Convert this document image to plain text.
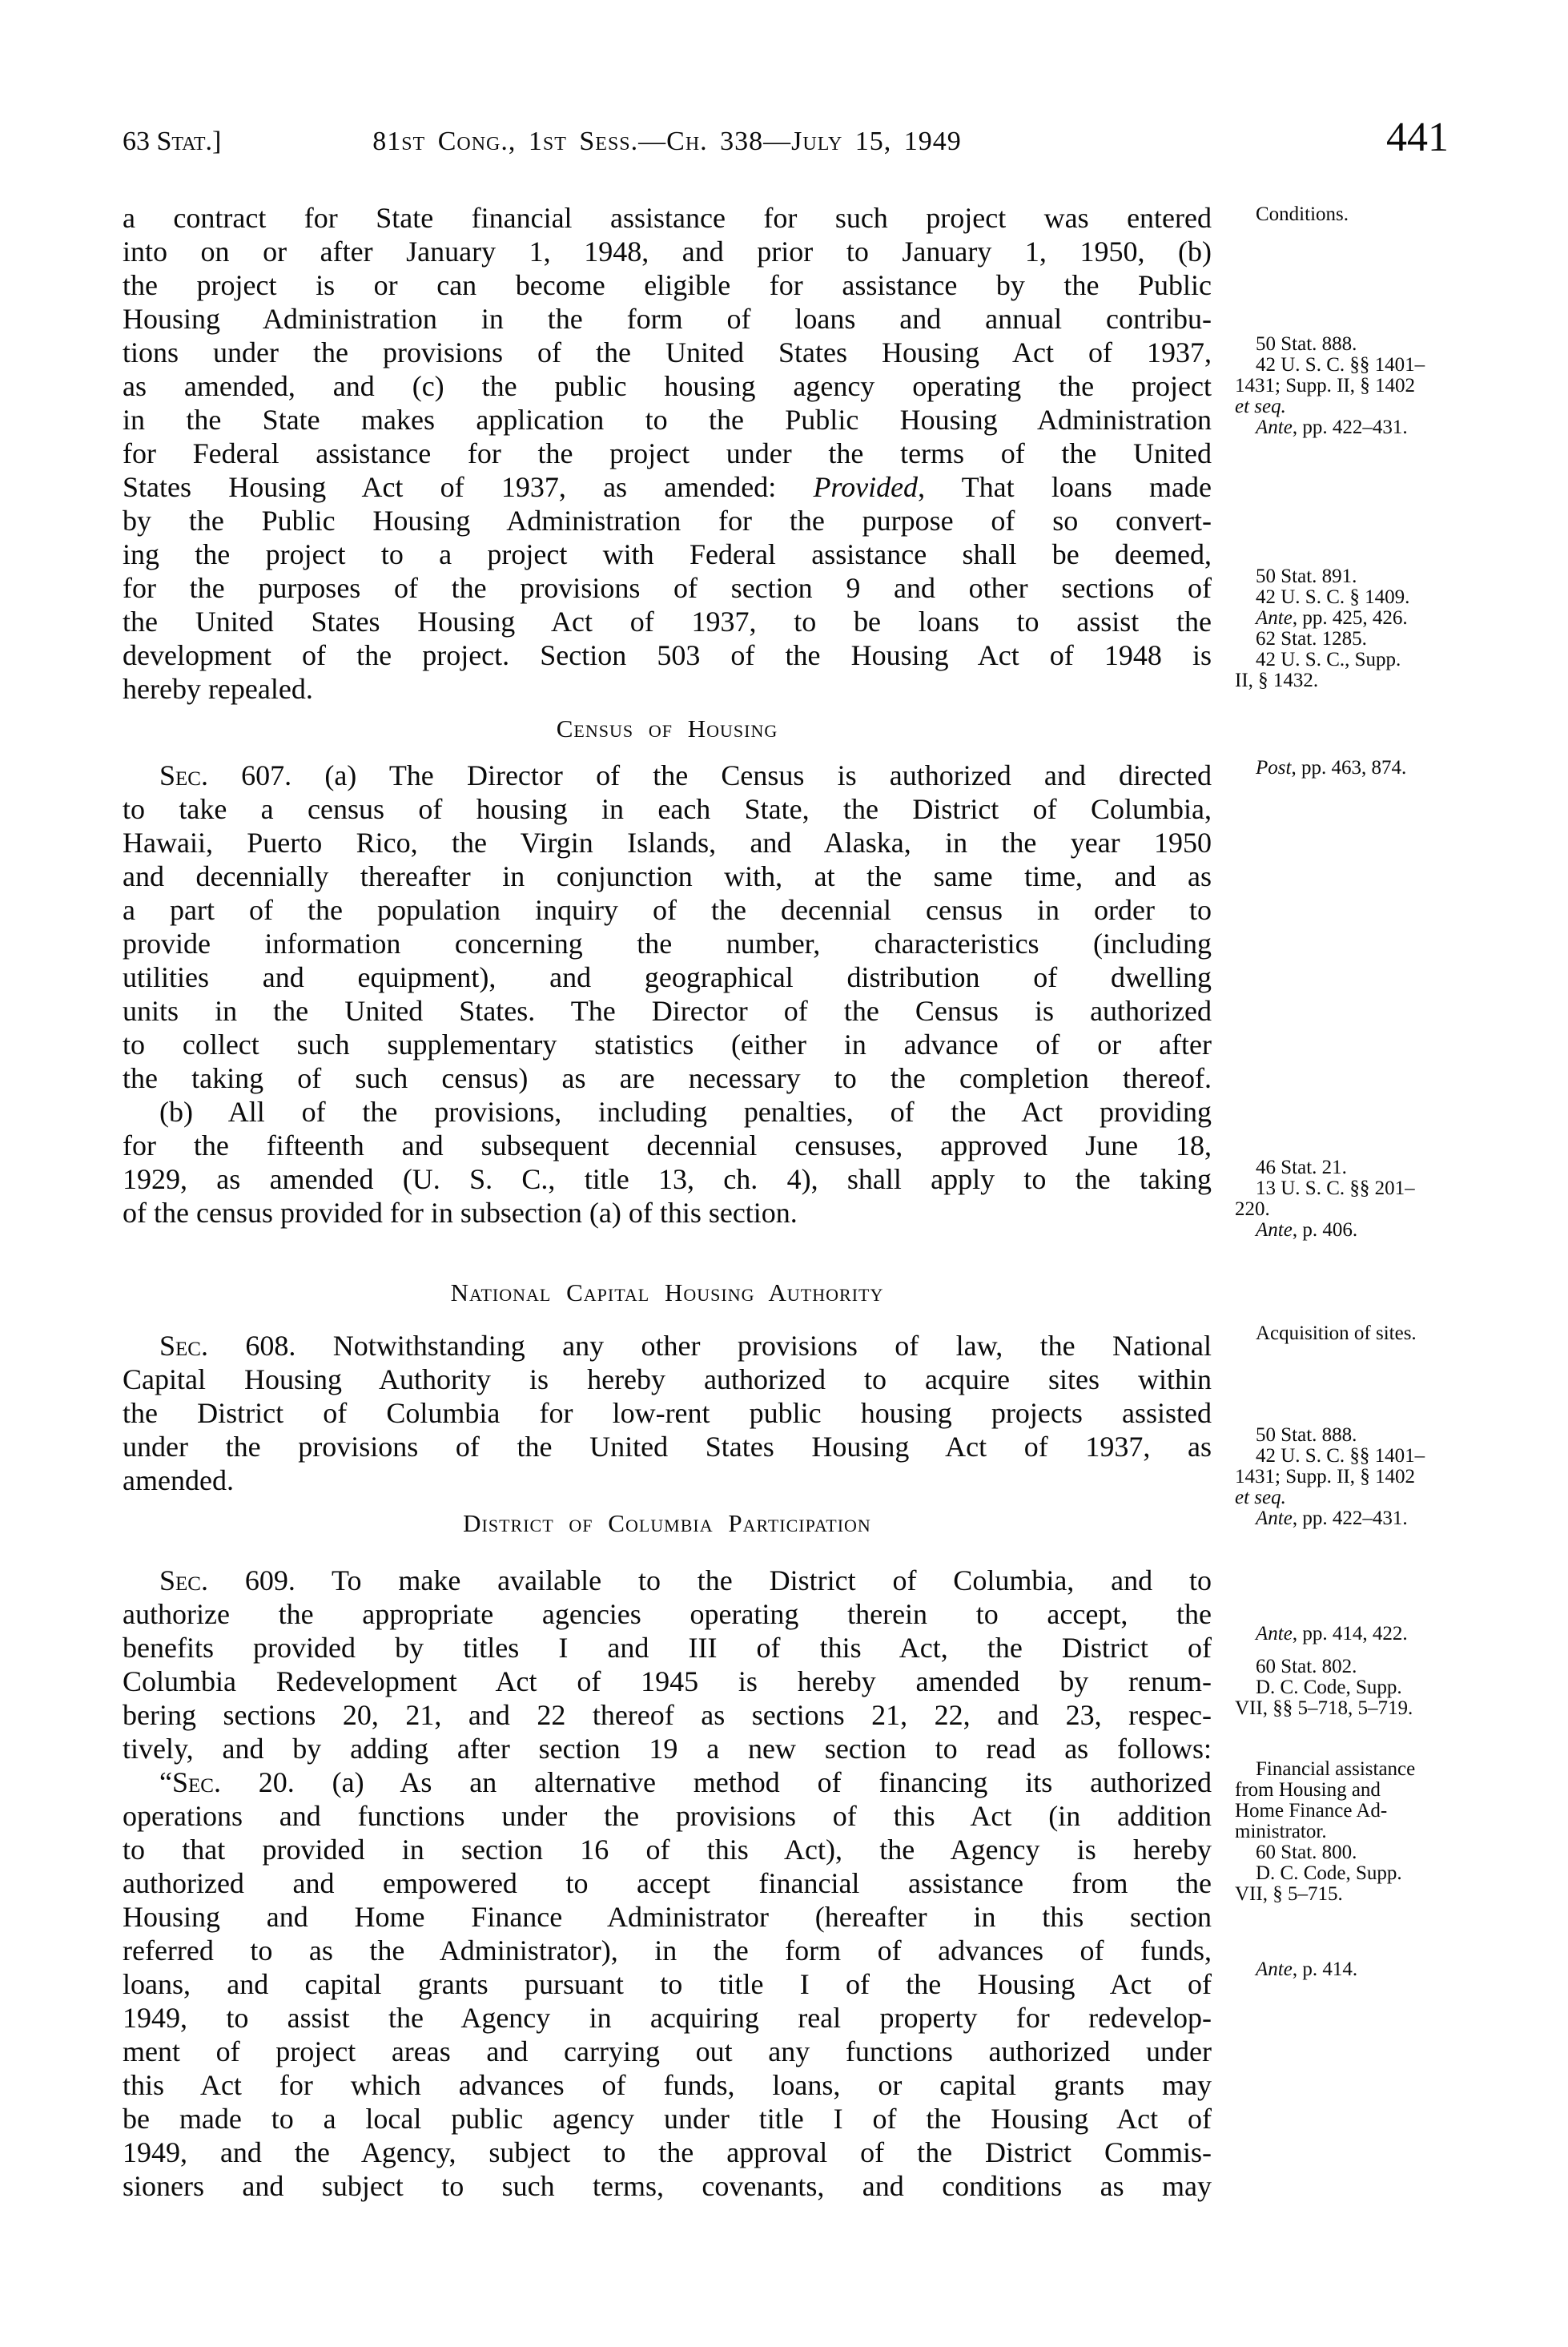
63 Stat.]	81st Cong., 1st Sess.—Ch. 338—July 15, 1949	441
a contract for State financial assistance for such project was entered
into on or after January 1, 1948, and prior to January 1, 1950, (b)
the project is or can become eligible for assistance by the Public
Housing Administration in the form of loans and annual contribu-
tions under the provisions of the United States Housing Act of 1937,
as amended, and (c) the public housing agency operating the project
in the State makes application to the Public Housing Administration
for Federal assistance for the project under the terms of the United
States Housing Act of 1937, as amended: Provided, That loans made
by the Public Housing Administration for the purpose of so convert-
ing the project to a project with Federal assistance shall be deemed,
for the purposes of the provisions of section 9 and other sections of
the United States Housing Act of 1937, to be loans to assist the
development of the project. Section 503 of the Housing Act of 1948 is
hereby repealed.
Census of Housing
Sec. 607. (a) The Director of the Census is authorized and directed
to take a census of housing in each State, the District of Columbia,
Hawaii, Puerto Rico, the Virgin Islands, and Alaska, in the year 1950
and decennially thereafter in conjunction with, at the same time, and as
a part of the population inquiry of the decennial census in order to
provide information concerning the number, characteristics (including
utilities and equipment), and geographical distribution of dwelling
units in the United States. The Director of the Census is authorized
to collect such supplementary statistics (either in advance of or after
the taking of such census) as are necessary to the completion thereof.
(b) All of the provisions, including penalties, of the Act providing
for the fifteenth and subsequent decennial censuses, approved June 18,
1929, as amended (U. S. C., title 13, ch. 4), shall apply to the taking
of the census provided for in subsection (a) of this section.
National Capital Housing Authority
Sec. 608. Notwithstanding any other provisions of law, the National
Capital Housing Authority is hereby authorized to acquire sites within
the District of Columbia for low-rent public housing projects assisted
under the provisions of the United States Housing Act of 1937, as
amended.
District of Columbia Participation
Sec. 609. To make available to the District of Columbia, and to
authorize the appropriate agencies operating therein to accept, the
benefits provided by titles I and III of this Act, the District of
Columbia Redevelopment Act of 1945 is hereby amended by renum-
bering sections 20, 21, and 22 thereof as sections 21, 22, and 23, respec-
tively, and by adding after section 19 a new section to read as follows:
“Sec. 20. (a) As an alternative method of financing its authorized
operations and functions under the provisions of this Act (in addition
to that provided in section 16 of this Act), the Agency is hereby
authorized and empowered to accept financial assistance from the
Housing and Home Finance Administrator (hereafter in this section
referred to as the Administrator), in the form of advances of funds,
loans, and capital grants pursuant to title I of the Housing Act of
1949, to assist the Agency in acquiring real property for redevelop-
ment of project areas and carrying out any functions authorized under
this Act for which advances of funds, loans, or capital grants may
be made to a local public agency under title I of the Housing Act of
1949, and the Agency, subject to the approval of the District Commis-
sioners and subject to such terms, covenants, and conditions as may
Conditions.
50 Stat. 888.
42 U. S. C. §§ 1401–
1431; Supp. II, § 1402
et seq.
Ante, pp. 422–431.
50 Stat. 891.
42 U. S. C. § 1409.
Ante, pp. 425, 426.
62 Stat. 1285.
42 U. S. C., Supp.
II, § 1432.
Post, pp. 463, 874.
46 Stat. 21.
13 U. S. C. §§ 201–
220.
Ante, p. 406.
Acquisition of sites.
50 Stat. 888.
42 U. S. C. §§ 1401–
1431; Supp. II, § 1402
et seq.
Ante, pp. 422–431.
Ante, pp. 414, 422.
60 Stat. 802.
D. C. Code, Supp.
VII, §§ 5–718, 5–719.
Financial assistance
from Housing and
Home Finance Ad-
ministrator.
60 Stat. 800.
D. C. Code, Supp.
VII, § 5–715.
Ante, p. 414.
